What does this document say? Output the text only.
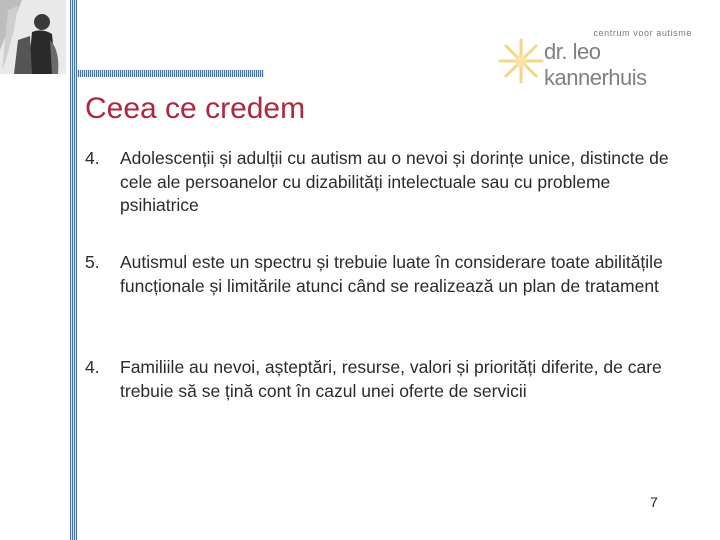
centrum voor autisme
dr. leo kannerhuis
Ceea ce credem
4. Adolescenții și adulții cu autism au o nevoi și dorințe unice, distincte de cele ale persoanelor cu dizabilități intelectuale sau cu probleme psihiatrice
5. Autismul este un spectru și trebuie luate în considerare toate abilitățile funcționale și limitările atunci când se realizează un plan de tratament
4. Familiile au nevoi, așteptări, resurse, valori și priorități diferite, de care trebuie să se țină cont în cazul unei oferte de servicii
7
